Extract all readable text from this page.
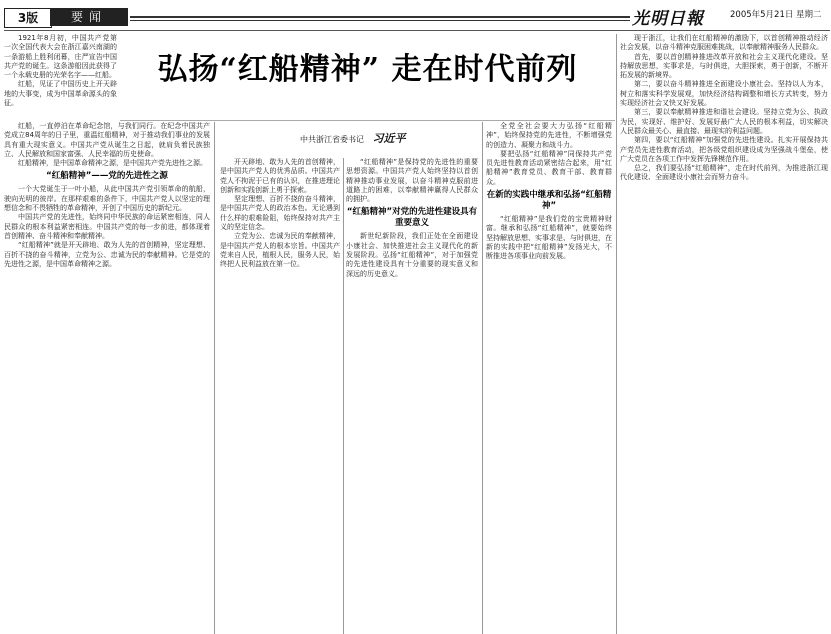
3版	要闻	光明日報	2005年5月21日 星期二
弘扬“红船精神” 走在时代前列
中共浙江省委书记 习近平

1921年8月初，中国共产党第一次全国代表大会在浙江嘉兴南湖的一条游船上胜利闭幕，庄严宣告中国共产党的诞生。这条游船因此获得了一个永载史册的光荣名字——红船。

红船，见证了中国历史上开天辟地的大事变，成为中国革命源头的象征。

红船，一直停泊在革命纪念馆，与我们同行。在纪念中国共产党成立84周年的日子里，重温红船精神，对于推动我们事业的发展具有重大现实意义。中国共产党从诞生之日起，就肩负着民族独立、人民解放和国家富强、人民幸福的历史使命。

红船精神，是中国革命精神之源，是中国共产党先进性之源。

“红船精神”——党的先进性之源

一个大党诞生于一叶小船，从此中国共产党引领革命的航船，驶向光明的彼岸。在那样艰难的条件下，中国共产党人以坚定的理想信念和不畏牺牲的革命精神，开创了中国历史的新纪元。

中国共产党的先进性，始终同中华民族的命运紧密相连，同人民群众的根本利益紧密相连。中国共产党的每一步前进，都体现着首创精神、奋斗精神和奉献精神。

“红船精神”就是开天辟地、敢为人先的首创精神，坚定理想、百折不挠的奋斗精神，立党为公、忠诚为民的奉献精神。它是党的先进性之源，是中国革命精神之源。

开天辟地、敢为人先的首创精神，是中国共产党人的优秀品质。中国共产党人不拘泥于已有的认识，在推进理论创新和实践创新上勇于探索。

坚定理想、百折不挠的奋斗精神，是中国共产党人的政治本色。无论遇到什么样的艰难险阻，始终保持对共产主义的坚定信念。

立党为公、忠诚为民的奉献精神，是中国共产党人的根本宗旨。中国共产党来自人民，植根人民，服务人民，始终把人民利益放在第一位。

“红船精神”是保持党的先进性的重要思想资源。中国共产党人始终坚持以首创精神推动事业发展，以奋斗精神克服前进道路上的困难，以奉献精神赢得人民群众的拥护。

“红船精神”对党的先进性建设具有重要意义

新世纪新阶段，我们正处在全面建设小康社会、加快推进社会主义现代化的新发展阶段。弘扬“红船精神”，对于加强党的先进性建设具有十分重要的现实意义和深远的历史意义。

全党全社会要大力弘扬“红船精神”，始终保持党的先进性，不断增强党的创造力、凝聚力和战斗力。

要把弘扬“红船精神”同保持共产党员先进性教育活动紧密结合起来，用“红船精神”教育党员、教育干部、教育群众。

在新的实践中继承和弘扬“红船精神”

“红船精神”是我们党的宝贵精神财富。继承和弘扬“红船精神”，就要始终坚持解放思想、实事求是、与时俱进，在新的实践中把“红船精神”发扬光大，不断推进各项事业向前发展。

现于浙江，让我们在红船精神的激励下，以首创精神推动经济社会发展，以奋斗精神克服困难挑战，以奉献精神服务人民群众。

首先，要以首创精神推进改革开放和社会主义现代化建设。坚持解放思想，实事求是，与时俱进，大胆探索，勇于创新，不断开拓发展的新境界。

第二，要以奋斗精神推进全面建设小康社会。坚持以人为本，树立和落实科学发展观，加快经济结构调整和增长方式转变，努力实现经济社会又快又好发展。

第三，要以奉献精神推进和谐社会建设。坚持立党为公、执政为民，实现好、维护好、发展好最广大人民的根本利益，切实解决人民群众最关心、最直接、最现实的利益问题。

第四，要以“红船精神”加强党的先进性建设。扎实开展保持共产党员先进性教育活动，把各级党组织建设成为坚强战斗堡垒，使广大党员在各项工作中发挥先锋模范作用。

总之，我们要弘扬“红船精神”，走在时代前列，为推进浙江现代化建设、全面建设小康社会而努力奋斗。
